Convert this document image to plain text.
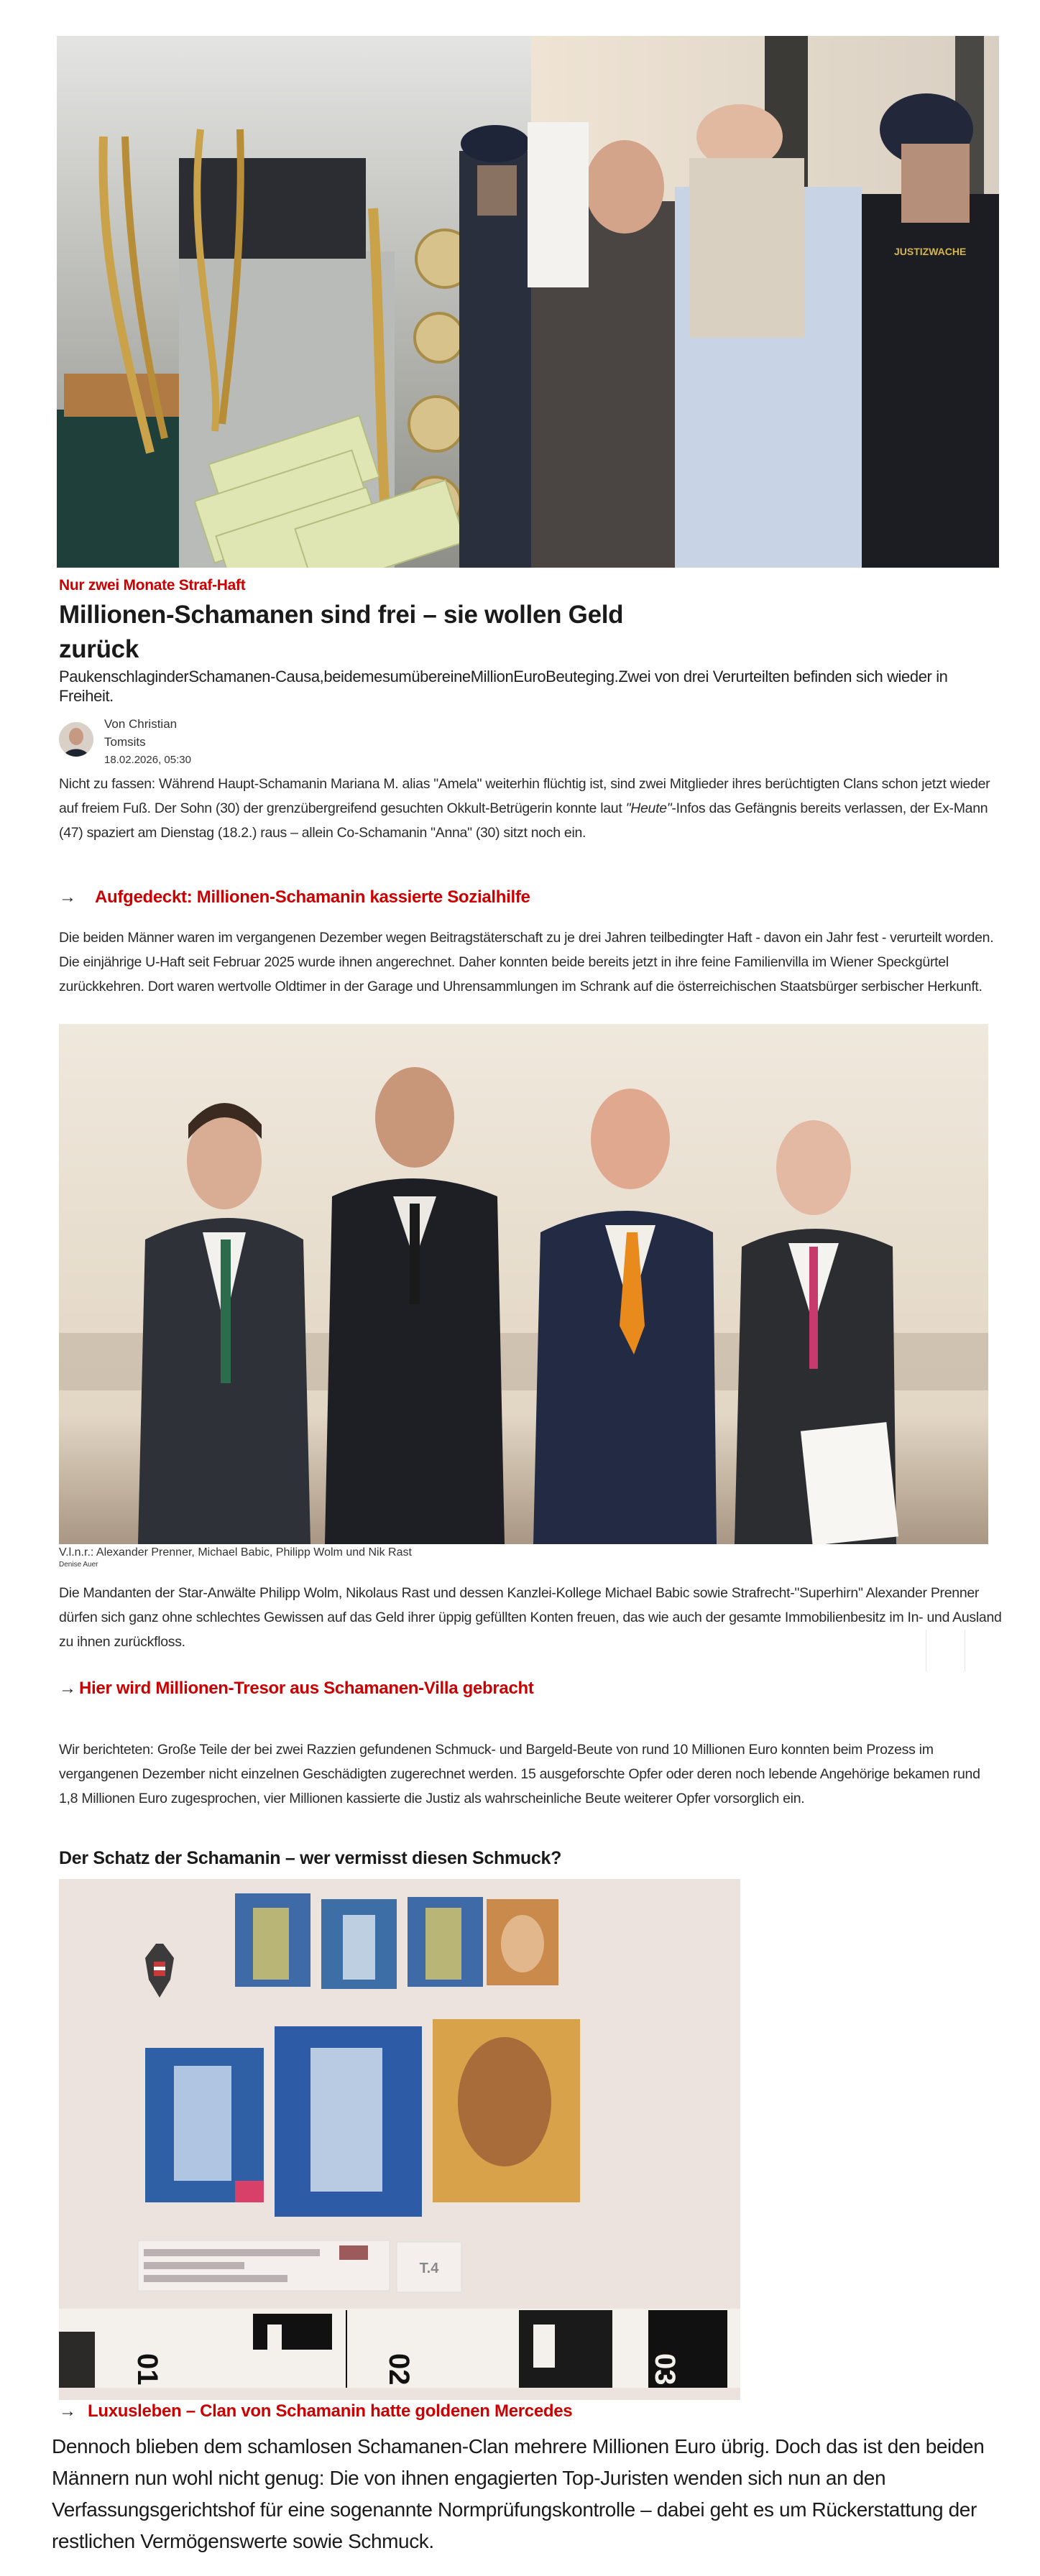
JUSTIZWACHE
Nur zwei Monate Straf-Haft
Millionen-Schamanen sind frei – sie wollen Geld zurück
PaukenschlaginderSchamanen-Causa,beidemesumübereineMillionEuroBeuteging.Zwei von drei Verurteilten befinden sich wieder in Freiheit.
Von Christian
Tomsits
18.02.2026, 05:30

Nicht zu fassen: Während Haupt-Schamanin Mariana M. alias "Amela" weiterhin flüchtig ist, sind zwei Mitglieder ihres berüchtigten Clans schon jetzt wieder auf freiem Fuß. Der Sohn (30) der grenzübergreifend gesuchten Okkult-Betrügerin konnte laut "Heute"-Infos das Gefängnis bereits verlassen, der Ex-Mann (47) spaziert am Dienstag (18.2.) raus – allein Co-Schamanin "Anna" (30) sitzt noch ein.

→	Aufgedeckt: Millionen-Schamanin kassierte Sozialhilfe

Die beiden Männer waren im vergangenen Dezember wegen Beitragstäterschaft zu je drei Jahren teilbedingter Haft - davon ein Jahr fest - verurteilt worden. Die einjährige U-Haft seit Februar 2025 wurde ihnen angerechnet. Daher konnten beide bereits jetzt in ihre feine Familienvilla im Wiener Speckgürtel zurückkehren. Dort waren wertvolle Oldtimer in der Garage und Uhrensammlungen im Schrank auf die österreichischen Staatsbürger serbischer Herkunft.

V.l.n.r.: Alexander Prenner, Michael Babic, Philipp Wolm und Nik Rast
Denise Auer

Die Mandanten der Star-Anwälte Philipp Wolm, Nikolaus Rast und dessen Kanzlei-Kollege Michael Babic sowie Strafrecht-"Superhirn" Alexander Prenner dürfen sich ganz ohne schlechtes Gewissen auf das Geld ihrer üppig gefüllten Konten freuen, das wie auch der gesamte Immobilienbesitz im In- und Ausland zu ihnen zurückfloss.

→ Hier wird Millionen-Tresor aus Schamanen-Villa gebracht

Wir berichteten: Große Teile der bei zwei Razzien gefundenen Schmuck- und Bargeld-Beute von rund 10 Millionen Euro konnten beim Prozess im vergangenen Dezember nicht einzelnen Geschädigten zugerechnet werden. 15 ausgeforschte Opfer oder deren noch lebende Angehörige bekamen rund 1,8 Millionen Euro zugesprochen, vier Millionen kassierte die Justiz als wahrscheinliche Beute weiterer Opfer vorsorglich ein.

Der Schatz der Schamanin – wer vermisst diesen Schmuck?
T.4
01	02	03
→ Luxusleben – Clan von Schamanin hatte goldenen Mercedes

Dennoch blieben dem schamlosen Schamanen-Clan mehrere Millionen Euro übrig. Doch das ist den beiden Männern nun wohl nicht genug: Die von ihnen engagierten Top-Juristen wenden sich nun an den Verfassungsgerichtshof für eine sogenannte Normprüfungskontrolle – dabei geht es um Rückerstattung der restlichen Vermögenswerte sowie Schmuck.
